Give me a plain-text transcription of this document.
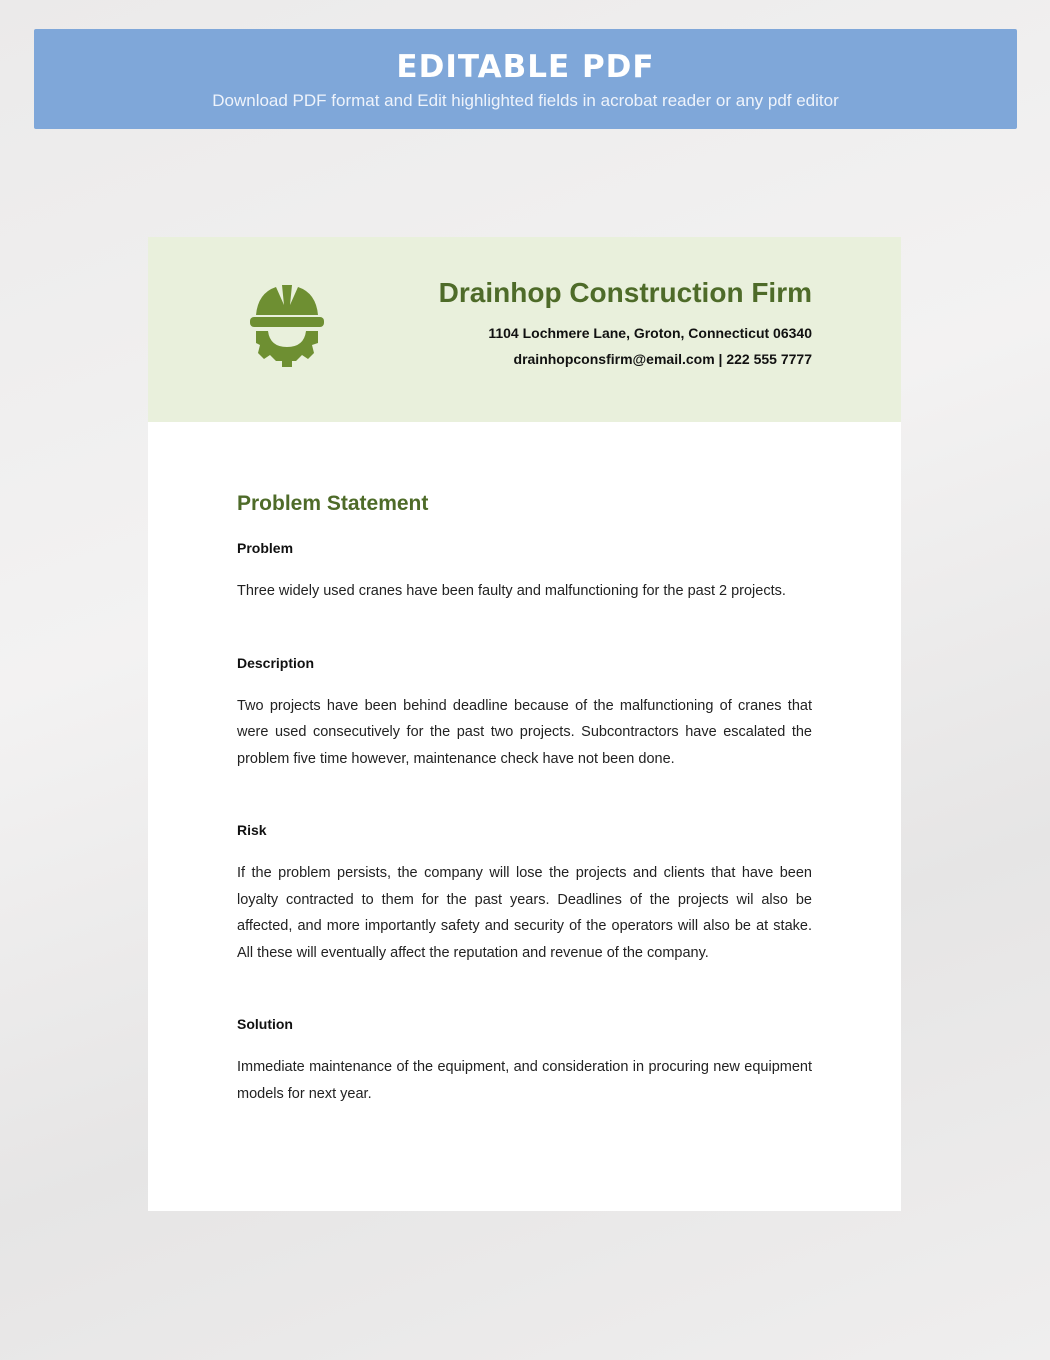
EDITABLE PDF

Download PDF format and Edit highlighted fields in acrobat reader or any pdf editor

Drainhop Construction Firm
1104 Lochmere Lane, Groton, Connecticut 06340
drainhopconsfirm@email.com | 222 555 7777
Problem Statement
Problem

Three widely used cranes have been faulty and malfunctioning for the past 2 projects.

Description

Two projects have been behind deadline because of the malfunctioning of cranes that were used consecutively for the past two projects. Subcontractors have escalated the problem five time however, maintenance check have not been done.

Risk

If the problem persists, the company will lose the projects and clients that have been loyalty contracted to them for the past years. Deadlines of the projects wil also be affected, and more importantly safety and security of the operators will also be at stake. All these will eventually affect the reputation and revenue of the company.

Solution

Immediate maintenance of the equipment, and consideration in procuring new equipment models for next year.
